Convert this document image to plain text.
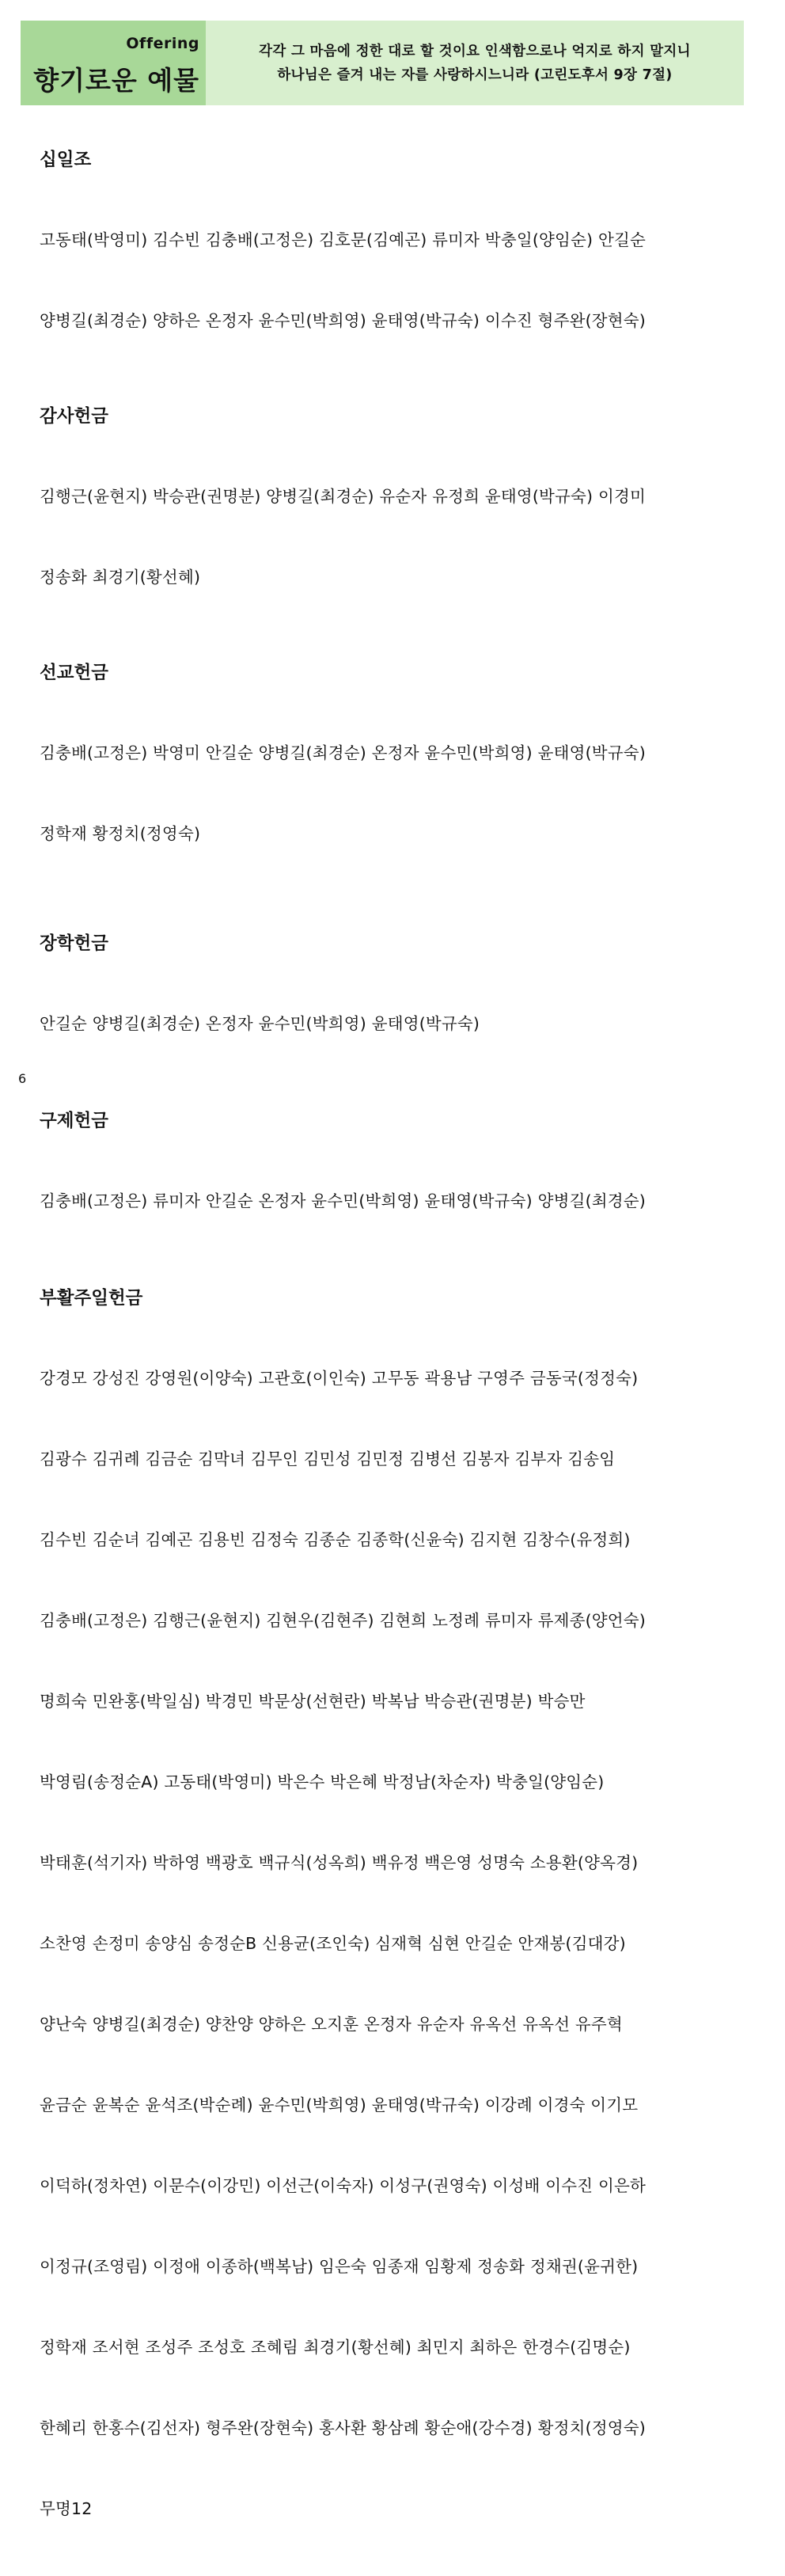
Offering
향기로운 예물
각각 그 마음에 정한 대로 할 것이요 인색함으로나 억지로 하지 말지니
하나님은 즐겨 내는 자를 사랑하시느니라 (고린도후서 9장 7절)
십일조

고동태(박영미) 김수빈 김충배(고정은) 김호문(김예곤) 류미자 박충일(양임순) 안길순

양병길(최경순) 양하은 온정자 윤수민(박희영) 윤태영(박규숙) 이수진 형주완(장현숙)

감사헌금

김행근(윤현지) 박승관(권명분) 양병길(최경순) 유순자 유정희 윤태영(박규숙) 이경미

정송화 최경기(황선혜)

선교헌금

김충배(고정은) 박영미 안길순 양병길(최경순) 온정자 윤수민(박희영) 윤태영(박규숙)

정학재 황정치(정영숙)

장학헌금

안길순 양병길(최경순) 온정자 윤수민(박희영) 윤태영(박규숙)

구제헌금

김충배(고정은) 류미자 안길순 온정자 윤수민(박희영) 윤태영(박규숙) 양병길(최경순)

부활주일헌금

강경모 강성진 강영원(이양숙) 고관호(이인숙) 고무동 곽용남 구영주 금동국(정정숙)

김광수 김귀례 김금순 김막녀 김무인 김민성 김민정 김병선 김봉자 김부자 김송임

김수빈 김순녀 김예곤 김용빈 김정숙 김종순 김종학(신윤숙) 김지현 김창수(유정희)

김충배(고정은) 김행근(윤현지) 김현우(김현주) 김현희 노정례 류미자 류제종(양언숙)

명희숙 민완홍(박일심) 박경민 박문상(선현란) 박복남 박승관(권명분) 박승만

박영림(송정순A) 고동태(박영미) 박은수 박은혜 박정남(차순자) 박충일(양임순)

박태훈(석기자) 박하영 백광호 백규식(성옥희) 백유정 백은영 성명숙 소용환(양옥경)

소찬영 손정미 송양심 송정순B 신용균(조인숙) 심재혁 심현 안길순 안재봉(김대강)

양난숙 양병길(최경순) 양찬양 양하은 오지훈 온정자 유순자 유옥선 유옥선 유주혁

윤금순 윤복순 윤석조(박순례) 윤수민(박희영) 윤태영(박규숙) 이강례 이경숙 이기모

이덕하(정차연) 이문수(이강민) 이선근(이숙자) 이성구(권영숙) 이성배 이수진 이은하

이정규(조영림) 이정애 이종하(백복남) 임은숙 임종재 임황제 정송화 정채권(윤귀한)

정학재 조서현 조성주 조성호 조혜림 최경기(황선혜) 최민지 최하은 한경수(김명순)

한혜리 한홍수(김선자) 형주완(장현숙) 홍사환 황삼례 황순애(강수경) 황정치(정영숙)

무명12

6
